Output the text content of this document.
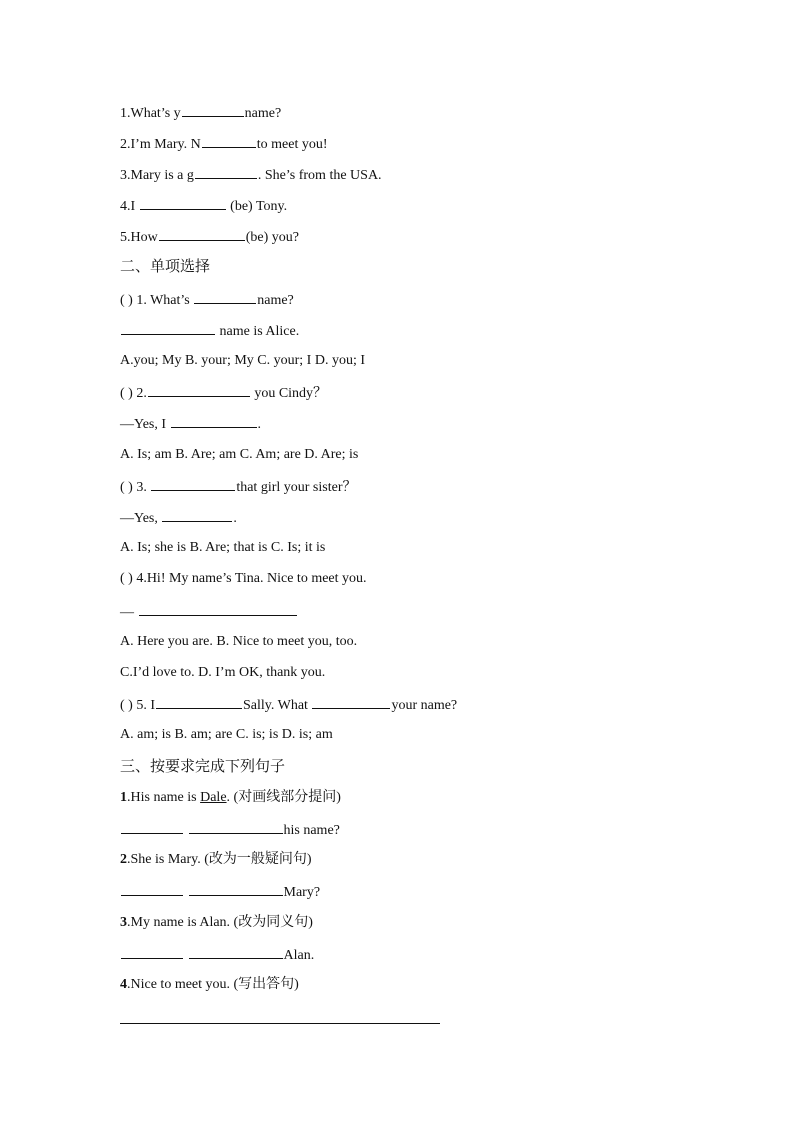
1.What’s y	name?
2.I’m Mary. N	to meet you!
3.Mary is a g	. She’s from the USA.
4.I	(be) Tony.
5.How	(be) you?
二、单项选择
( ) 1. What’s	name?
name is Alice.
A.you; My B. your; My C. your; I D. you; I
( ) 2.	you Cindy？
—Yes, I	.
A. Is; am B. Are; am C. Am; are D. Are; is
( ) 3.	that girl your sister？
—Yes,	.
A. Is; she is B. Are; that is C. Is; it is
( ) 4.Hi! My name’s Tina. Nice to meet you.
—
A. Here you are. B. Nice to meet you, too.
C.I’d love to. D. I’m OK, thank you.
( ) 5. I	Sally. What	your name?
A. am; is B. am; are C. is; is D. is; am
三、按要求完成下列句子
1.His name is Dale. (对画线部分提问)
his name?
2.She is Mary. (改为一般疑问句)
Mary?
3.My name is Alan. (改为同义句)
Alan.
4.Nice to meet you. (写出答句)
